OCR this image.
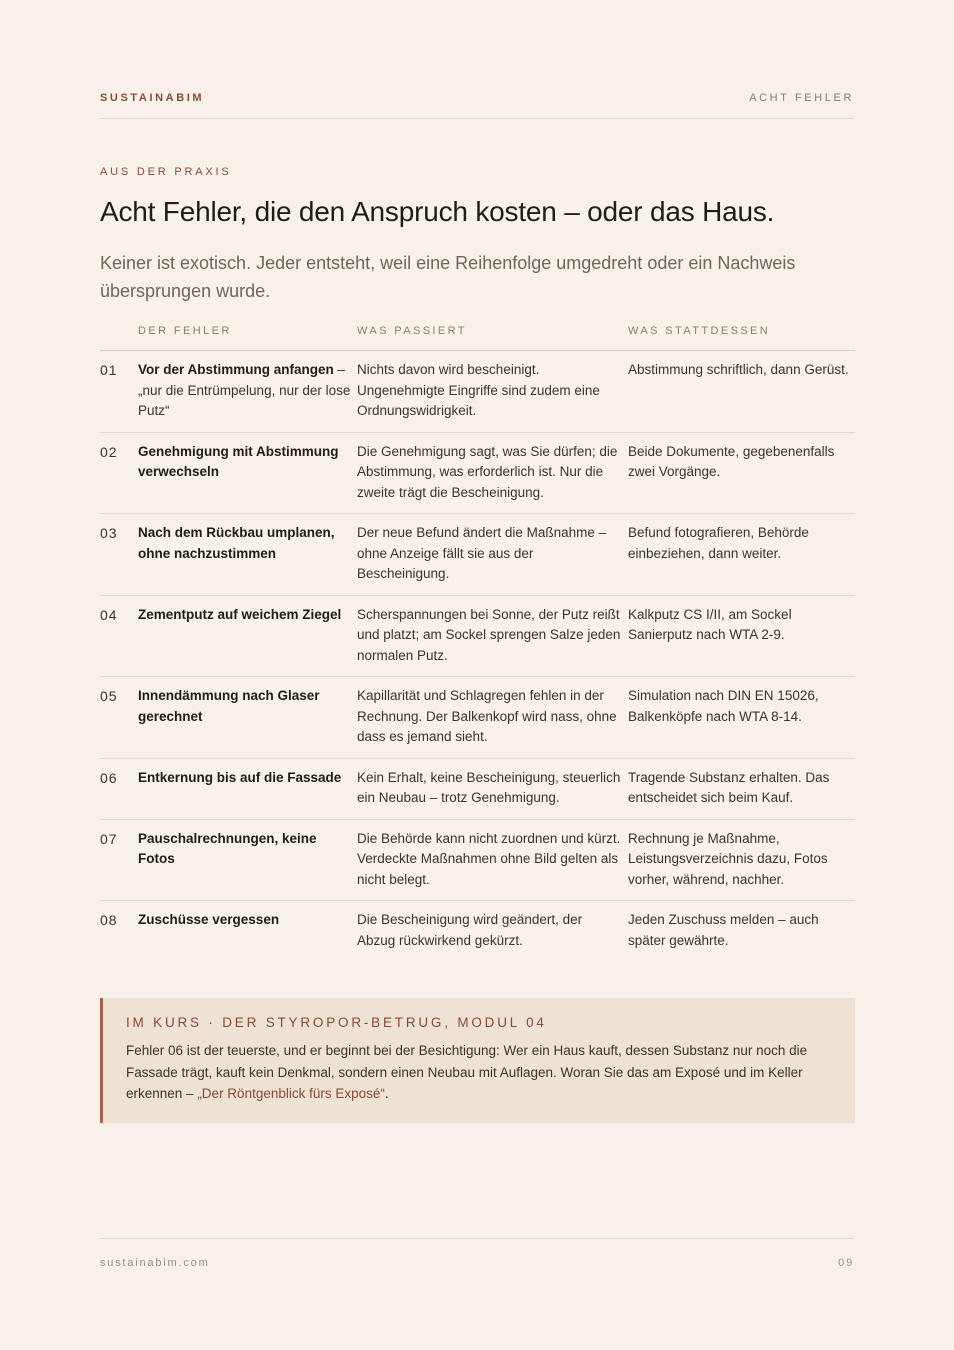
SUSTAINABIM	ACHT FEHLER
AUS DER PRAXIS
Acht Fehler, die den Anspruch kosten – oder das Haus.

Keiner ist exotisch. Jeder entsteht, weil eine Reihenfolge umgedreht oder ein Nachweis übersprungen wurde.

	DER FEHLER	WAS PASSIERT	WAS STATTDESSEN
01	Vor der Abstimmung anfangen – „nur die Entrümpelung, nur der lose Putz“	Nichts davon wird bescheinigt. Ungenehmigte Eingriffe sind zudem eine Ordnungswidrigkeit.	Abstimmung schriftlich, dann Gerüst.
02	Genehmigung mit Abstimmung verwechseln	Die Genehmigung sagt, was Sie dürfen; die Abstimmung, was erforderlich ist. Nur die zweite trägt die Bescheinigung.	Beide Dokumente, gegebenenfalls zwei Vorgänge.
03	Nach dem Rückbau umplanen, ohne nachzustimmen	Der neue Befund ändert die Maßnahme – ohne Anzeige fällt sie aus der Bescheinigung.	Befund fotografieren, Behörde einbeziehen, dann weiter.
04	Zementputz auf weichem Ziegel	Scherspannungen bei Sonne, der Putz reißt und platzt; am Sockel sprengen Salze jeden normalen Putz.	Kalkputz CS I/II, am Sockel Sanierputz nach WTA 2-9.
05	Innendämmung nach Glaser gerechnet	Kapillarität und Schlagregen fehlen in der Rechnung. Der Balkenkopf wird nass, ohne dass es jemand sieht.	Simulation nach DIN EN 15026, Balkenköpfe nach WTA 8-14.
06	Entkernung bis auf die Fassade	Kein Erhalt, keine Bescheinigung, steuerlich ein Neubau – trotz Genehmigung.	Tragende Substanz erhalten. Das entscheidet sich beim Kauf.
07	Pauschalrechnungen, keine Fotos	Die Behörde kann nicht zuordnen und kürzt. Verdeckte Maßnahmen ohne Bild gelten als nicht belegt.	Rechnung je Maßnahme, Leistungsverzeichnis dazu, Fotos vorher, während, nachher.
08	Zuschüsse vergessen	Die Bescheinigung wird geändert, der Abzug rückwirkend gekürzt.	Jeden Zuschuss melden – auch später gewährte.

IM KURS · DER STYROPOR-BETRUG, MODUL 04

Fehler 06 ist der teuerste, und er beginnt bei der Besichtigung: Wer ein Haus kauft, dessen Substanz nur noch die Fassade trägt, kauft kein Denkmal, sondern einen Neubau mit Auflagen. Woran Sie das am Exposé und im Keller erkennen – „Der Röntgenblick fürs Exposé“.

sustainabim.com	09
